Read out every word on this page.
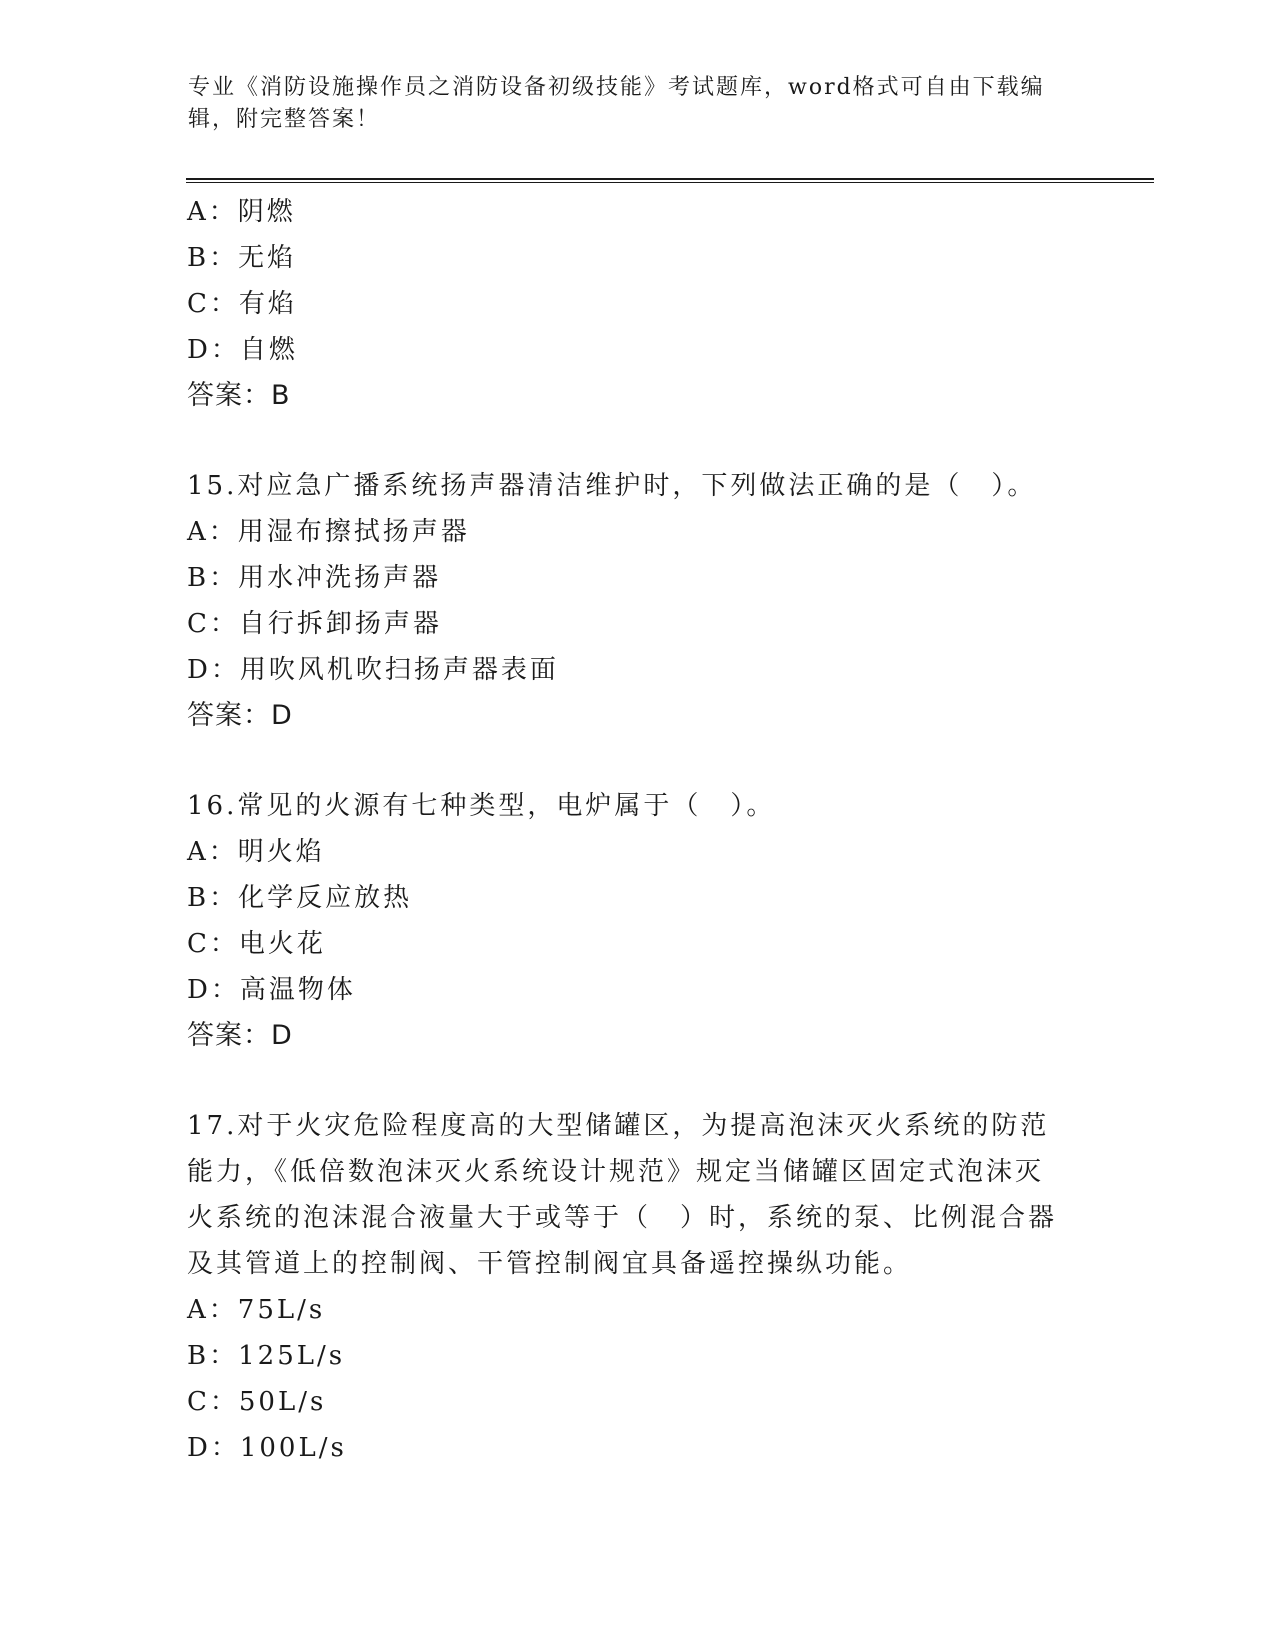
专业《消防设施操作员之消防设备初级技能》考试题库，word格式可自由下载编辑，附完整答案！
A：阴燃
B：无焰
C：有焰
D：自燃
答案：B
15.对应急广播系统扬声器清洁维护时，下列做法正确的是（　）。
A：用湿布擦拭扬声器
B：用水冲洗扬声器
C：自行拆卸扬声器
D：用吹风机吹扫扬声器表面
答案：D
16.常见的火源有七种类型，电炉属于（　）。
A：明火焰
B：化学反应放热
C：电火花
D：高温物体
答案：D
17.对于火灾危险程度高的大型储罐区，为提高泡沫灭火系统的防范能力，《低倍数泡沫灭火系统设计规范》规定当储罐区固定式泡沫灭火系统的泡沫混合液量大于或等于（　）时，系统的泵、比例混合器及其管道上的控制阀、干管控制阀宜具备遥控操纵功能。
A：75L/s
B：125L/s
C：50L/s
D：100L/s
